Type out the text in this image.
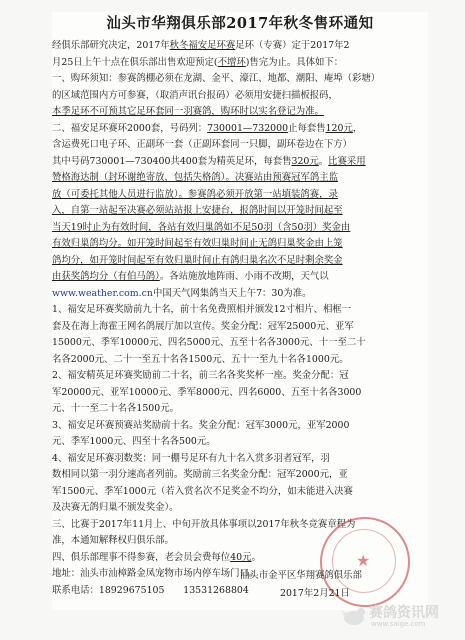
汕头市华翔俱乐部2017年秋冬售环通知
经俱乐部研究决定，2017年秋冬福安足环赛足环（专赛）定于2017年2
月25日上午十点在俱乐部出售欢迎预定(不增环)售完为止。具体如下：
一、购环须知：参赛鸽棚必须在龙湖、金平、濠江、地都、潮阳、庵埠（彩塘）
的区域范围内方可参赛，（取消声讯台报码）必须用安捷扫描板报码，
本季足环不可预其它足环套同一羽赛鸽，购环时以实名登记为准。
二、福安足环赛环2000套，号码列：730001—732000止每套售120元，
含运费死口电子环、正副环一套（正副环套同一只脚，副环卷边在下方）
其中号码730001—730400共400套为精英足环，每套售320元。比赛采用
赞格海达制（封环谢绝寄放，包括失格鸽）。决赛站由预赛冠军鸽主监
放（可委托其他人员进行监放）。参赛鸽必须开放第一站填装鸽赛，录
入，自第一站起至决赛必须站站报上安捷台，报鸽时间以开笼时间起至
当天19时止为有效时间，各站有效归巢鸽如不足50羽（含50羽）奖金由
有效归巢鸽均分。如开笼时间起至有效归巢时间止无鸽归巢奖金由上笼
鸽均分，如开笼时间起至有效归巢时间止有鸽归巢名次不足时剩余奖金
由获奖鸽均分（有伯马鸽）。各站施放地阵雨、小雨不改期，天气以
www.weather.com.cn中国天气网集鸽当天上午7：30为准。
1、福安足环赛奖励前九十名，前十名免费照相并颁发12寸相片、相框一
套及在海上海霍王网名鸽展厅加以宣传。奖金分配：冠军25000元、亚军
15000元、季军10000元、四名5000元、五至十名各3000元、十一至二十
名各2000元、二十一至五十名各1500元、五十一至九十名各1000元。
2、福安精英足环赛奖励前二十名，前三名各奖奖杯一座。奖金分配：冠
军20000元、亚军10000元、季军8000元、四名6000、五至十名各3000
元、十一至二十名各1500元。
3、福安足环赛预赛站奖励前十名。奖金分配：冠军3000元，亚军2000
元、季军1000元、四至十名各500元。
4、福安足环赛羽数奖：同一棚号足环有九十名入赏多羽者冠军，羽
数相同以第一羽分速高者列前。奖励前三名奖金分配：冠军2000元，亚
军1500元、季军1000元（若入赏名次不足奖金不均分，如未能进入决赛
及决赛无鸽归巢不颁发奖金）。
三、比赛于2017年11月上、中旬开放具体事项以2017年秋冬竞赛章程为
准，本通知解释权归俱乐部。
四、俱乐部理事不得参赛，老会员会费每位40元。
地址：汕头市汕樟路金凤宠物市场内停车场门口。
联系电话：18929675105　　13531268804
★
汕头市金平区华翔赛鸽俱乐部
2017年2月21日
赛鸽资讯网
www.saige.com
